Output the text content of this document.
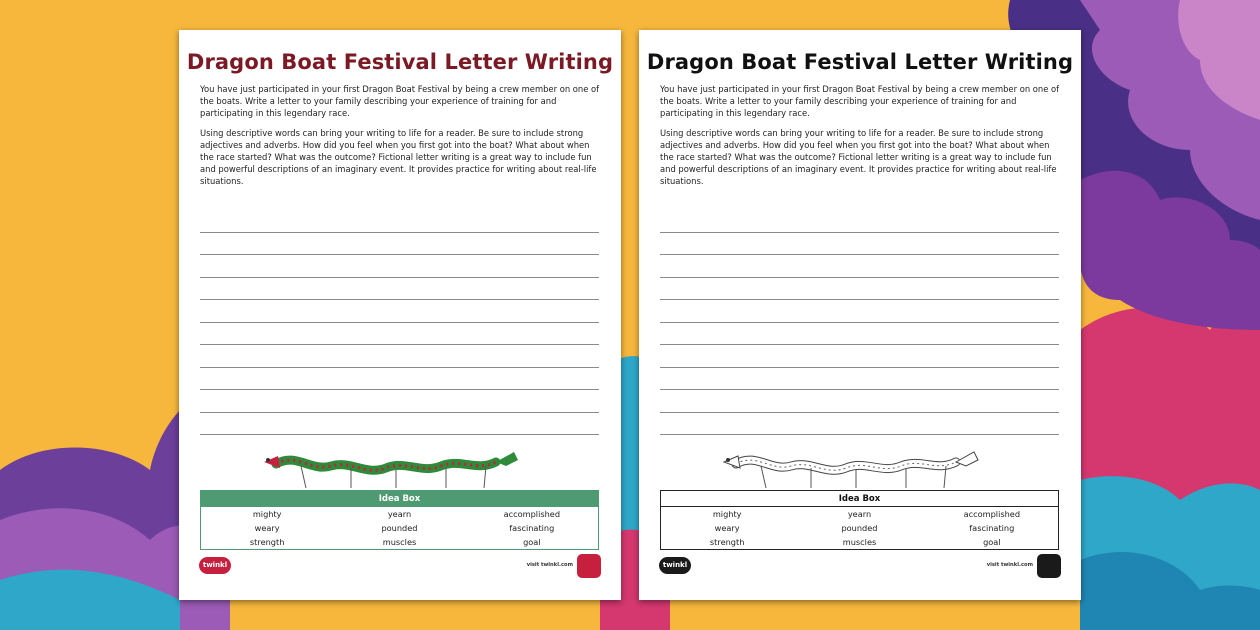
Dragon Boat Festival Letter Writing
You have just participated in your first Dragon Boat Festival by being a crew member on one of the boats. Write a letter to your family describing your experience of training for and participating in this legendary race.
Using descriptive words can bring your writing to life for a reader. Be sure to include strong adjectives and adverbs. How did you feel when you first got into the boat? What about when the race started? What was the outcome? Fictional letter writing is a great way to include fun and powerful descriptions of an imaginary event. It provides practice for writing about real-life situations.
Idea Box
mighty	yearn	accomplished
weary	pounded	fascinating
strength	muscles	goal
twinkl	visit twinkl.com
Dragon Boat Festival Letter Writing
You have just participated in your first Dragon Boat Festival by being a crew member on one of the boats. Write a letter to your family describing your experience of training for and participating in this legendary race.
Using descriptive words can bring your writing to life for a reader. Be sure to include strong adjectives and adverbs. How did you feel when you first got into the boat? What about when the race started? What was the outcome? Fictional letter writing is a great way to include fun and powerful descriptions of an imaginary event. It provides practice for writing about real-life situations.
Idea Box
mighty	yearn	accomplished
weary	pounded	fascinating
strength	muscles	goal
twinkl	visit twinkl.com
